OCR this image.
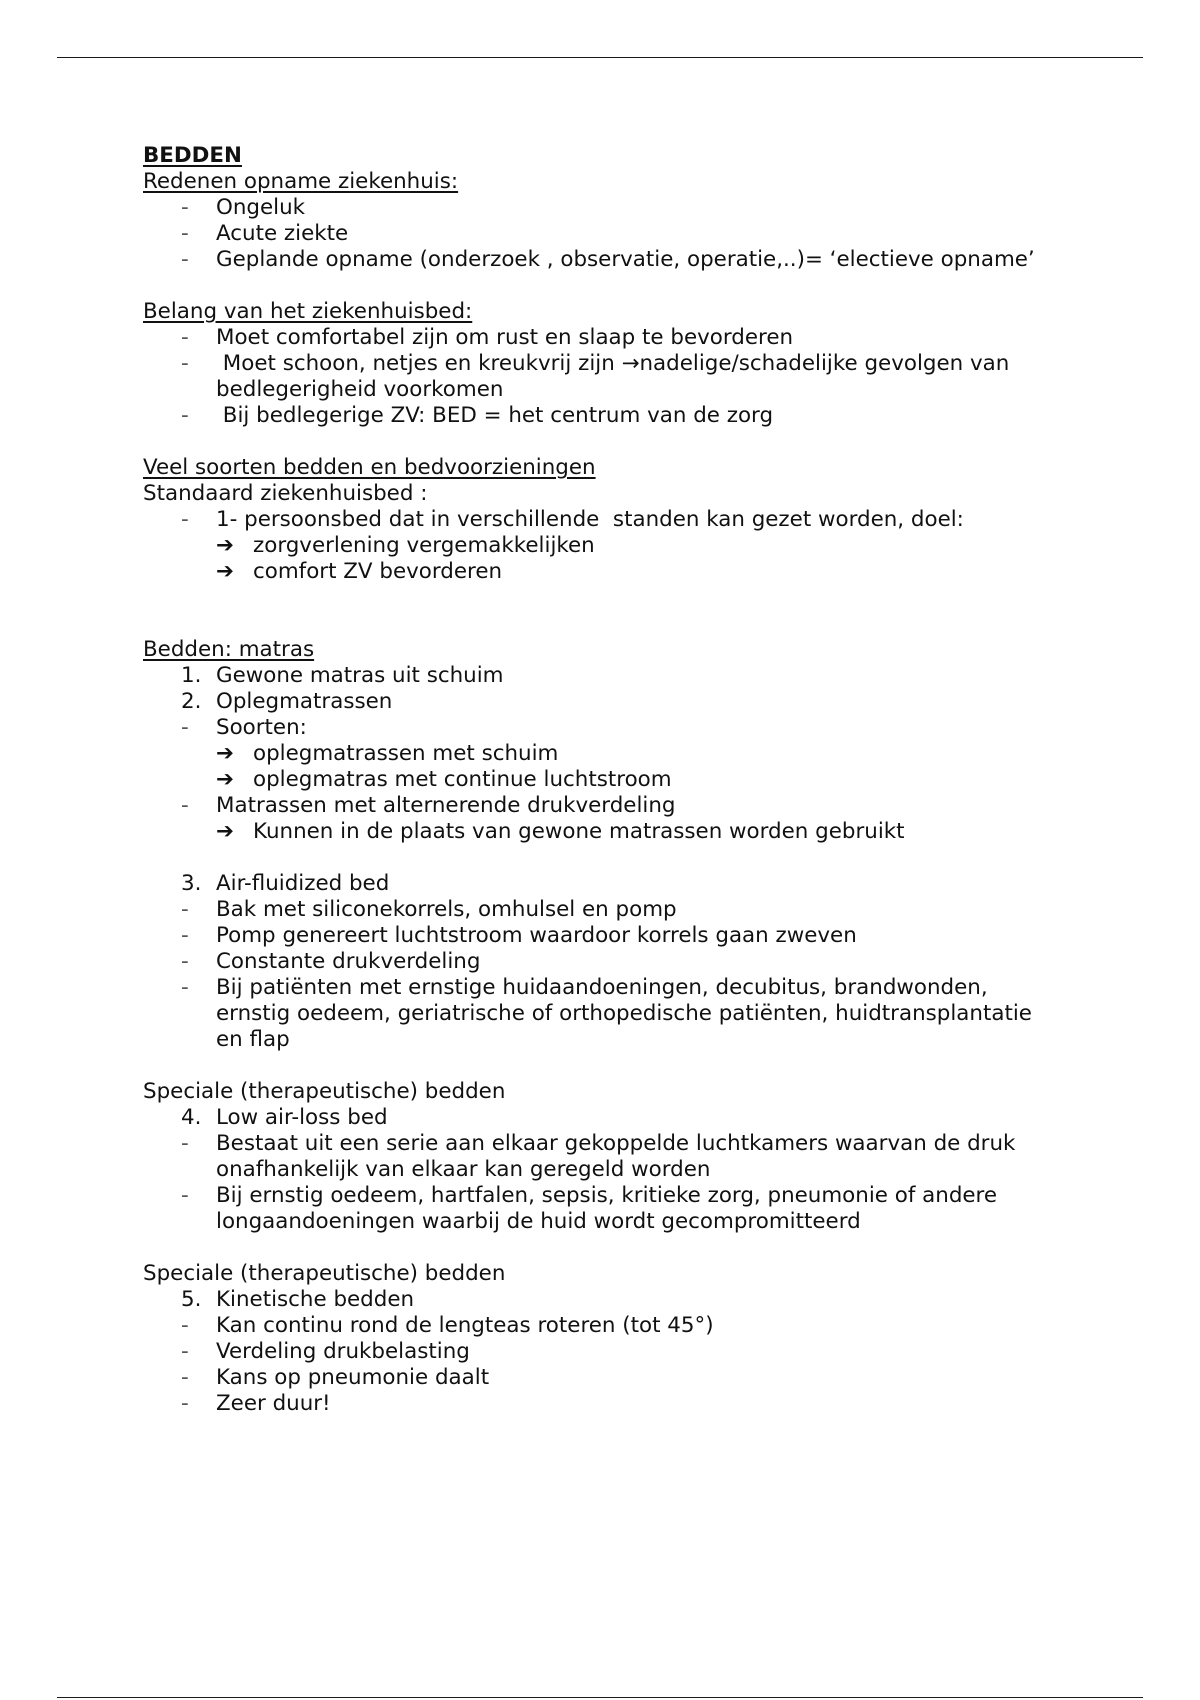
BEDDEN
Redenen opname ziekenhuis:
-	Ongeluk
-	Acute ziekte
-	Geplande opname (onderzoek , observatie, operatie,..)= ‘electieve opname’
Belang van het ziekenhuisbed:
-	Moet comfortabel zijn om rust en slaap te bevorderen
-	Moet schoon, netjes en kreukvrij zijn →nadelige/schadelijke gevolgen van
bedlegerigheid voorkomen
-	Bij bedlegerige ZV: BED = het centrum van de zorg
Veel soorten bedden en bedvoorzieningen
Standaard ziekenhuisbed :
-	1- persoonsbed dat in verschillende  standen kan gezet worden, doel:
➔ zorgverlening vergemakkelijken
➔ comfort ZV bevorderen
Bedden: matras
1. Gewone matras uit schuim
2. Oplegmatrassen
-	Soorten:
➔ oplegmatrassen met schuim
➔ oplegmatras met continue luchtstroom
-	Matrassen met alternerende drukverdeling
➔ Kunnen in de plaats van gewone matrassen worden gebruikt
3. Air-fluidized bed
-	Bak met siliconekorrels, omhulsel en pomp
-	Pomp genereert luchtstroom waardoor korrels gaan zweven
-	Constante drukverdeling
-	Bij patiënten met ernstige huidaandoeningen, decubitus, brandwonden,
ernstig oedeem, geriatrische of orthopedische patiënten, huidtransplantatie
en flap
Speciale (therapeutische) bedden
4. Low air-loss bed
-	Bestaat uit een serie aan elkaar gekoppelde luchtkamers waarvan de druk
onafhankelijk van elkaar kan geregeld worden
-	Bij ernstig oedeem, hartfalen, sepsis, kritieke zorg, pneumonie of andere
longaandoeningen waarbij de huid wordt gecompromitteerd
Speciale (therapeutische) bedden
5. Kinetische bedden
-	Kan continu rond de lengteas roteren (tot 45°)
-	Verdeling drukbelasting
-	Kans op pneumonie daalt
-	Zeer duur!
